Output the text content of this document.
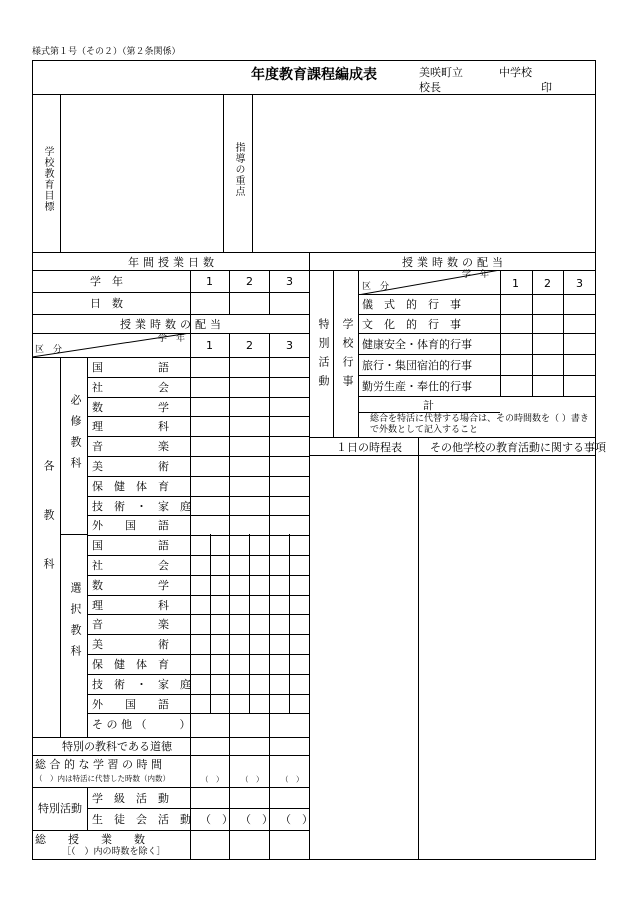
様式第１号（その２）（第２条関係）
年度教育課程編成表	美咲町立	中学校
校長	印
学校教育目標	指導の重点
年間授業日数
学　年	1	2	3
日　数
授業時数の配当
学　年
区　分	1	2	3
各教科
必修教科
選択教科
国　　　　　語
社　　　　　会
数　　　　　学
理　　　　　科
音　　　　　楽
美　　　　　術
保　健　体　育
技　術　・　家　庭
外　　国　　語
国　　　　　語
社　　　　　会
数　　　　　学
理　　　　　科
音　　　　　楽
美　　　　　術
保　健　体　育
技　術　・　家　庭
外　　国　　語
そ の 他 （　　　）
特別の教科である道徳
総 合 的 な 学 習 の 時 間
（　）内は特活に代替した時数（内数）	（　） （　） （　）
特別活動
学　級　活　動
生　徒　会　活　動 （　） （　） （　）
総　　授　　業　　数
［（　）内の時数を除く］
授業時数の配当
学　年
区　分	1 2 3
特別活動 学校行事
儀　式　的　行　事
文　化　的　行　事
健康安全・体育的行事
旅行・集団宿泊的行事
勤労生産・奉仕的行事
計
総合を特活に代替する場合は、その時間数を（ ）書き
で外数として記入すること
１日の時程表	その他学校の教育活動に関する事項
